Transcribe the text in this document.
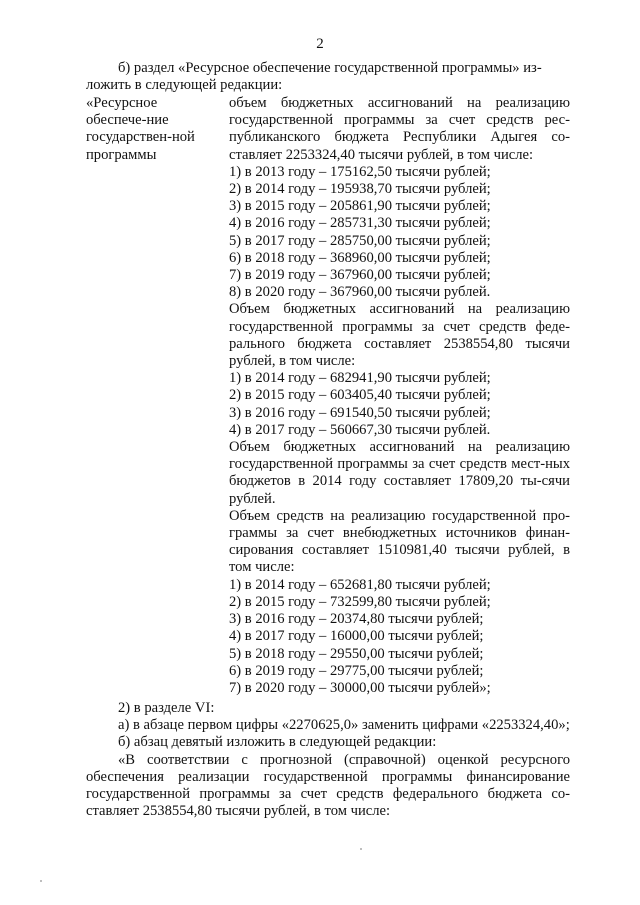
2
б) раздел «Ресурсное обеспечение государственной программы» из-
ложить в следующей редакции:
«Ресурсное обеспече-ние государствен-ной программы

объем бюджетных ассигнований на реализацию государственной программы за счет средств рес-публиканского бюджета Республики Адыгея со-ставляет 2253324,40 тысячи рублей, в том числе:

1) в 2013 году – 175162,50 тысячи рублей;
2) в 2014 году – 195938,70 тысячи рублей;
3) в 2015 году – 205861,90 тысячи рублей;
4) в 2016 году – 285731,30 тысячи рублей;
5) в 2017 году – 285750,00 тысячи рублей;
6) в 2018 году – 368960,00 тысячи рублей;
7) в 2019 году – 367960,00 тысячи рублей;
8) в 2020 году – 367960,00 тысячи рублей.

Объем бюджетных ассигнований на реализацию государственной программы за счет средств феде-рального бюджета составляет 2538554,80 тысячи рублей, в том числе:

1) в 2014 году – 682941,90 тысячи рублей;
2) в 2015 году – 603405,40 тысячи рублей;
3) в 2016 году – 691540,50 тысячи рублей;
4) в 2017 году – 560667,30 тысячи рублей.

Объем бюджетных ассигнований на реализацию государственной программы за счет средств мест-ных бюджетов в 2014 году составляет 17809,20 ты-сячи рублей.

Объем средств на реализацию государственной про-граммы за счет внебюджетных источников финан-сирования составляет 1510981,40 тысячи рублей, в том числе:

1) в 2014 году – 652681,80 тысячи рублей;
2) в 2015 году – 732599,80 тысячи рублей;
3) в 2016 году – 20374,80 тысячи рублей;
4) в 2017 году – 16000,00 тысячи рублей;
5) в 2018 году – 29550,00 тысячи рублей;
6) в 2019 году – 29775,00 тысячи рублей;
7) в 2020 году – 30000,00 тысячи рублей»;

2) в разделе VI:

а) в абзаце первом цифры «2270625,0» заменить цифрами «2253324,40»;

б) абзац девятый изложить в следующей редакции:

«В соответствии с прогнозной (справочной) оценкой ресурсного обеспечения реализации государственной программы финансирование государственной программы за счет средств федерального бюджета со-ставляет 2538554,80 тысячи рублей, в том числе:
